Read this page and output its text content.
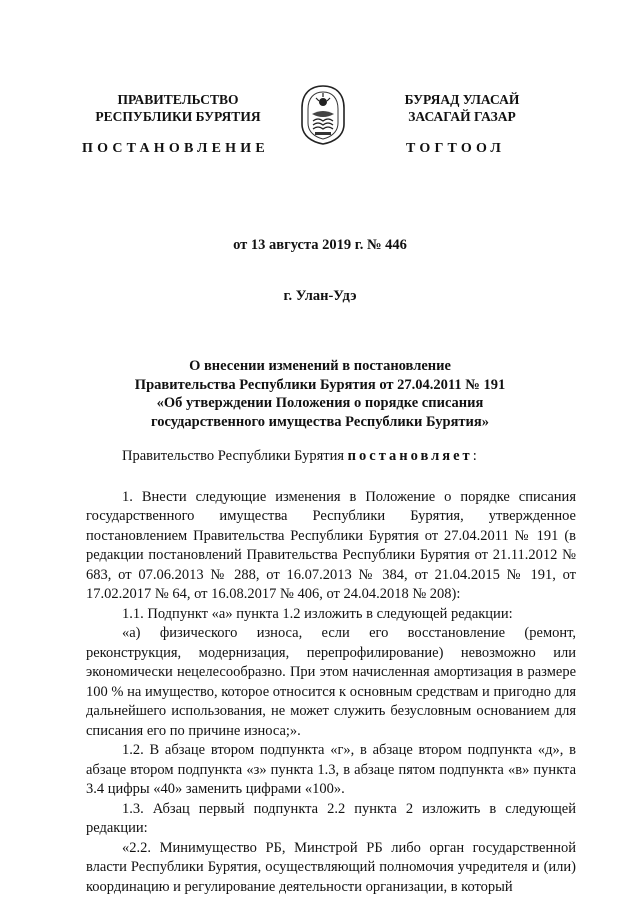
ПРАВИТЕЛЬСТВО
РЕСПУБЛИКИ БУРЯТИЯ
БУРЯАД УЛАСАЙ
ЗАСАГАЙ ГАЗАР
ПОСТАНОВЛЕНИЕ	ТОГТООЛ
от 13 августа 2019 г. № 446
г. Улан-Удэ
О внесении изменений в постановление
Правительства Республики Бурятия от 27.04.2011 № 191
«Об утверждении Положения о порядке списания
государственного имущества Республики Бурятия»

Правительство Республики Бурятия постановляет:

1. Внести следующие изменения в Положение о порядке списания государственного имущества Республики Бурятия, утвержденное постановлением Правительства Республики Бурятия от 27.04.2011 № 191 (в редакции постановлений Правительства Республики Бурятия от 21.11.2012 № 683, от 07.06.2013 № 288, от 16.07.2013 № 384, от 21.04.2015 № 191, от 17.02.2017 № 64, от 16.08.2017 № 406, от 24.04.2018 № 208):

1.1. Подпункт «а» пункта 1.2 изложить в следующей редакции:

«а) физического износа, если его восстановление (ремонт, реконструкция, модернизация, перепрофилирование) невозможно или экономически нецелесообразно. При этом начисленная амортизация в размере 100 % на имущество, которое относится к основным средствам и пригодно для дальнейшего использования, не может служить безусловным основанием для списания его по причине износа;».

1.2. В абзаце втором подпункта «г», в абзаце втором подпункта «д», в абзаце втором подпункта «з» пункта 1.3, в абзаце пятом подпункта «в» пункта 3.4 цифры «40» заменить цифрами «100».

1.3. Абзац первый подпункта 2.2 пункта 2 изложить в следующей редакции:

«2.2. Минимущество РБ, Минстрой РБ либо орган государственной власти Республики Бурятия, осуществляющий полномочия учредителя и (или) координацию и регулирование деятельности организации, в который
